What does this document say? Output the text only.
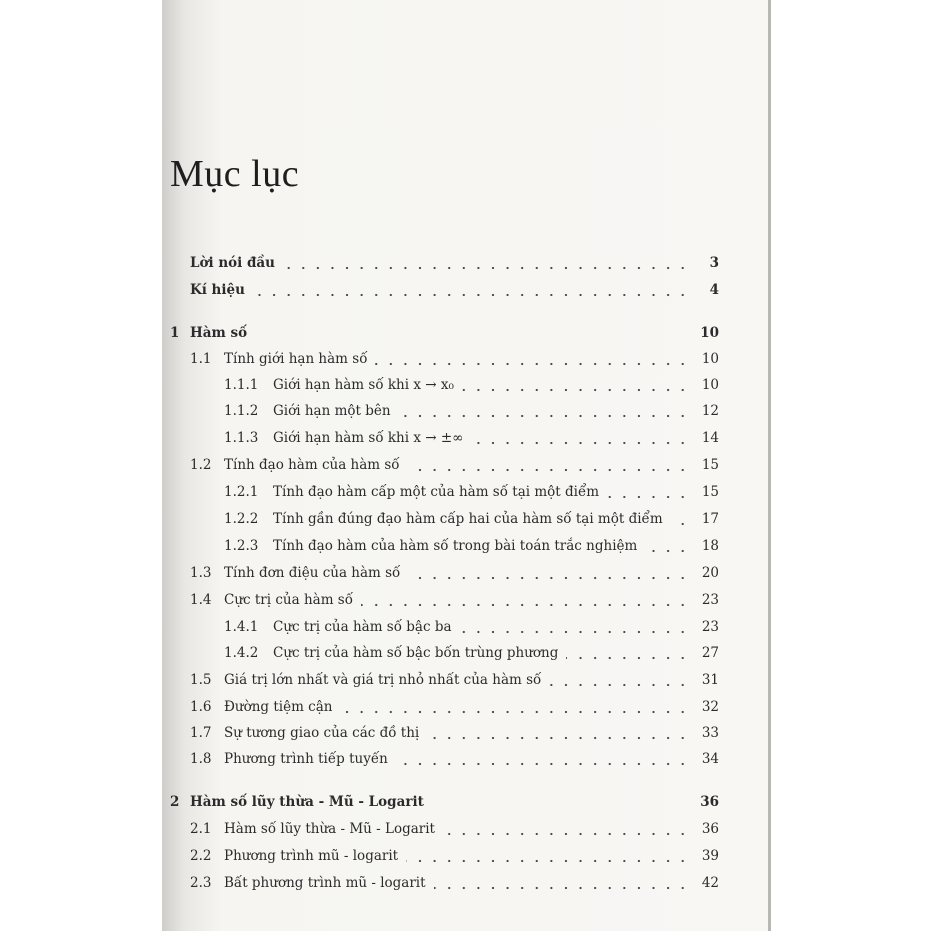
Mục lục
Lời nói đầu	3
Kí hiệu	4
1 Hàm số	10
1.1 Tính giới hạn hàm số	10
1.1.1 Giới hạn hàm số khi x → x₀	10
1.1.2 Giới hạn một bên	12
1.1.3 Giới hạn hàm số khi x → ±∞	14
1.2 Tính đạo hàm của hàm số	15
1.2.1 Tính đạo hàm cấp một của hàm số tại một điểm	15
1.2.2 Tính gần đúng đạo hàm cấp hai của hàm số tại một điểm	17
1.2.3 Tính đạo hàm của hàm số trong bài toán trắc nghiệm	18
1.3 Tính đơn điệu của hàm số	20
1.4 Cực trị của hàm số	23
1.4.1 Cực trị của hàm số bậc ba	23
1.4.2 Cực trị của hàm số bậc bốn trùng phương	27
1.5 Giá trị lớn nhất và giá trị nhỏ nhất của hàm số	31
1.6 Đường tiệm cận	32
1.7 Sự tương giao của các đồ thị	33
1.8 Phương trình tiếp tuyến	34
2 Hàm số lũy thừa - Mũ - Logarit	36
2.1 Hàm số lũy thừa - Mũ - Logarit	36
2.2 Phương trình mũ - logarit	39
2.3 Bất phương trình mũ - logarit	42
